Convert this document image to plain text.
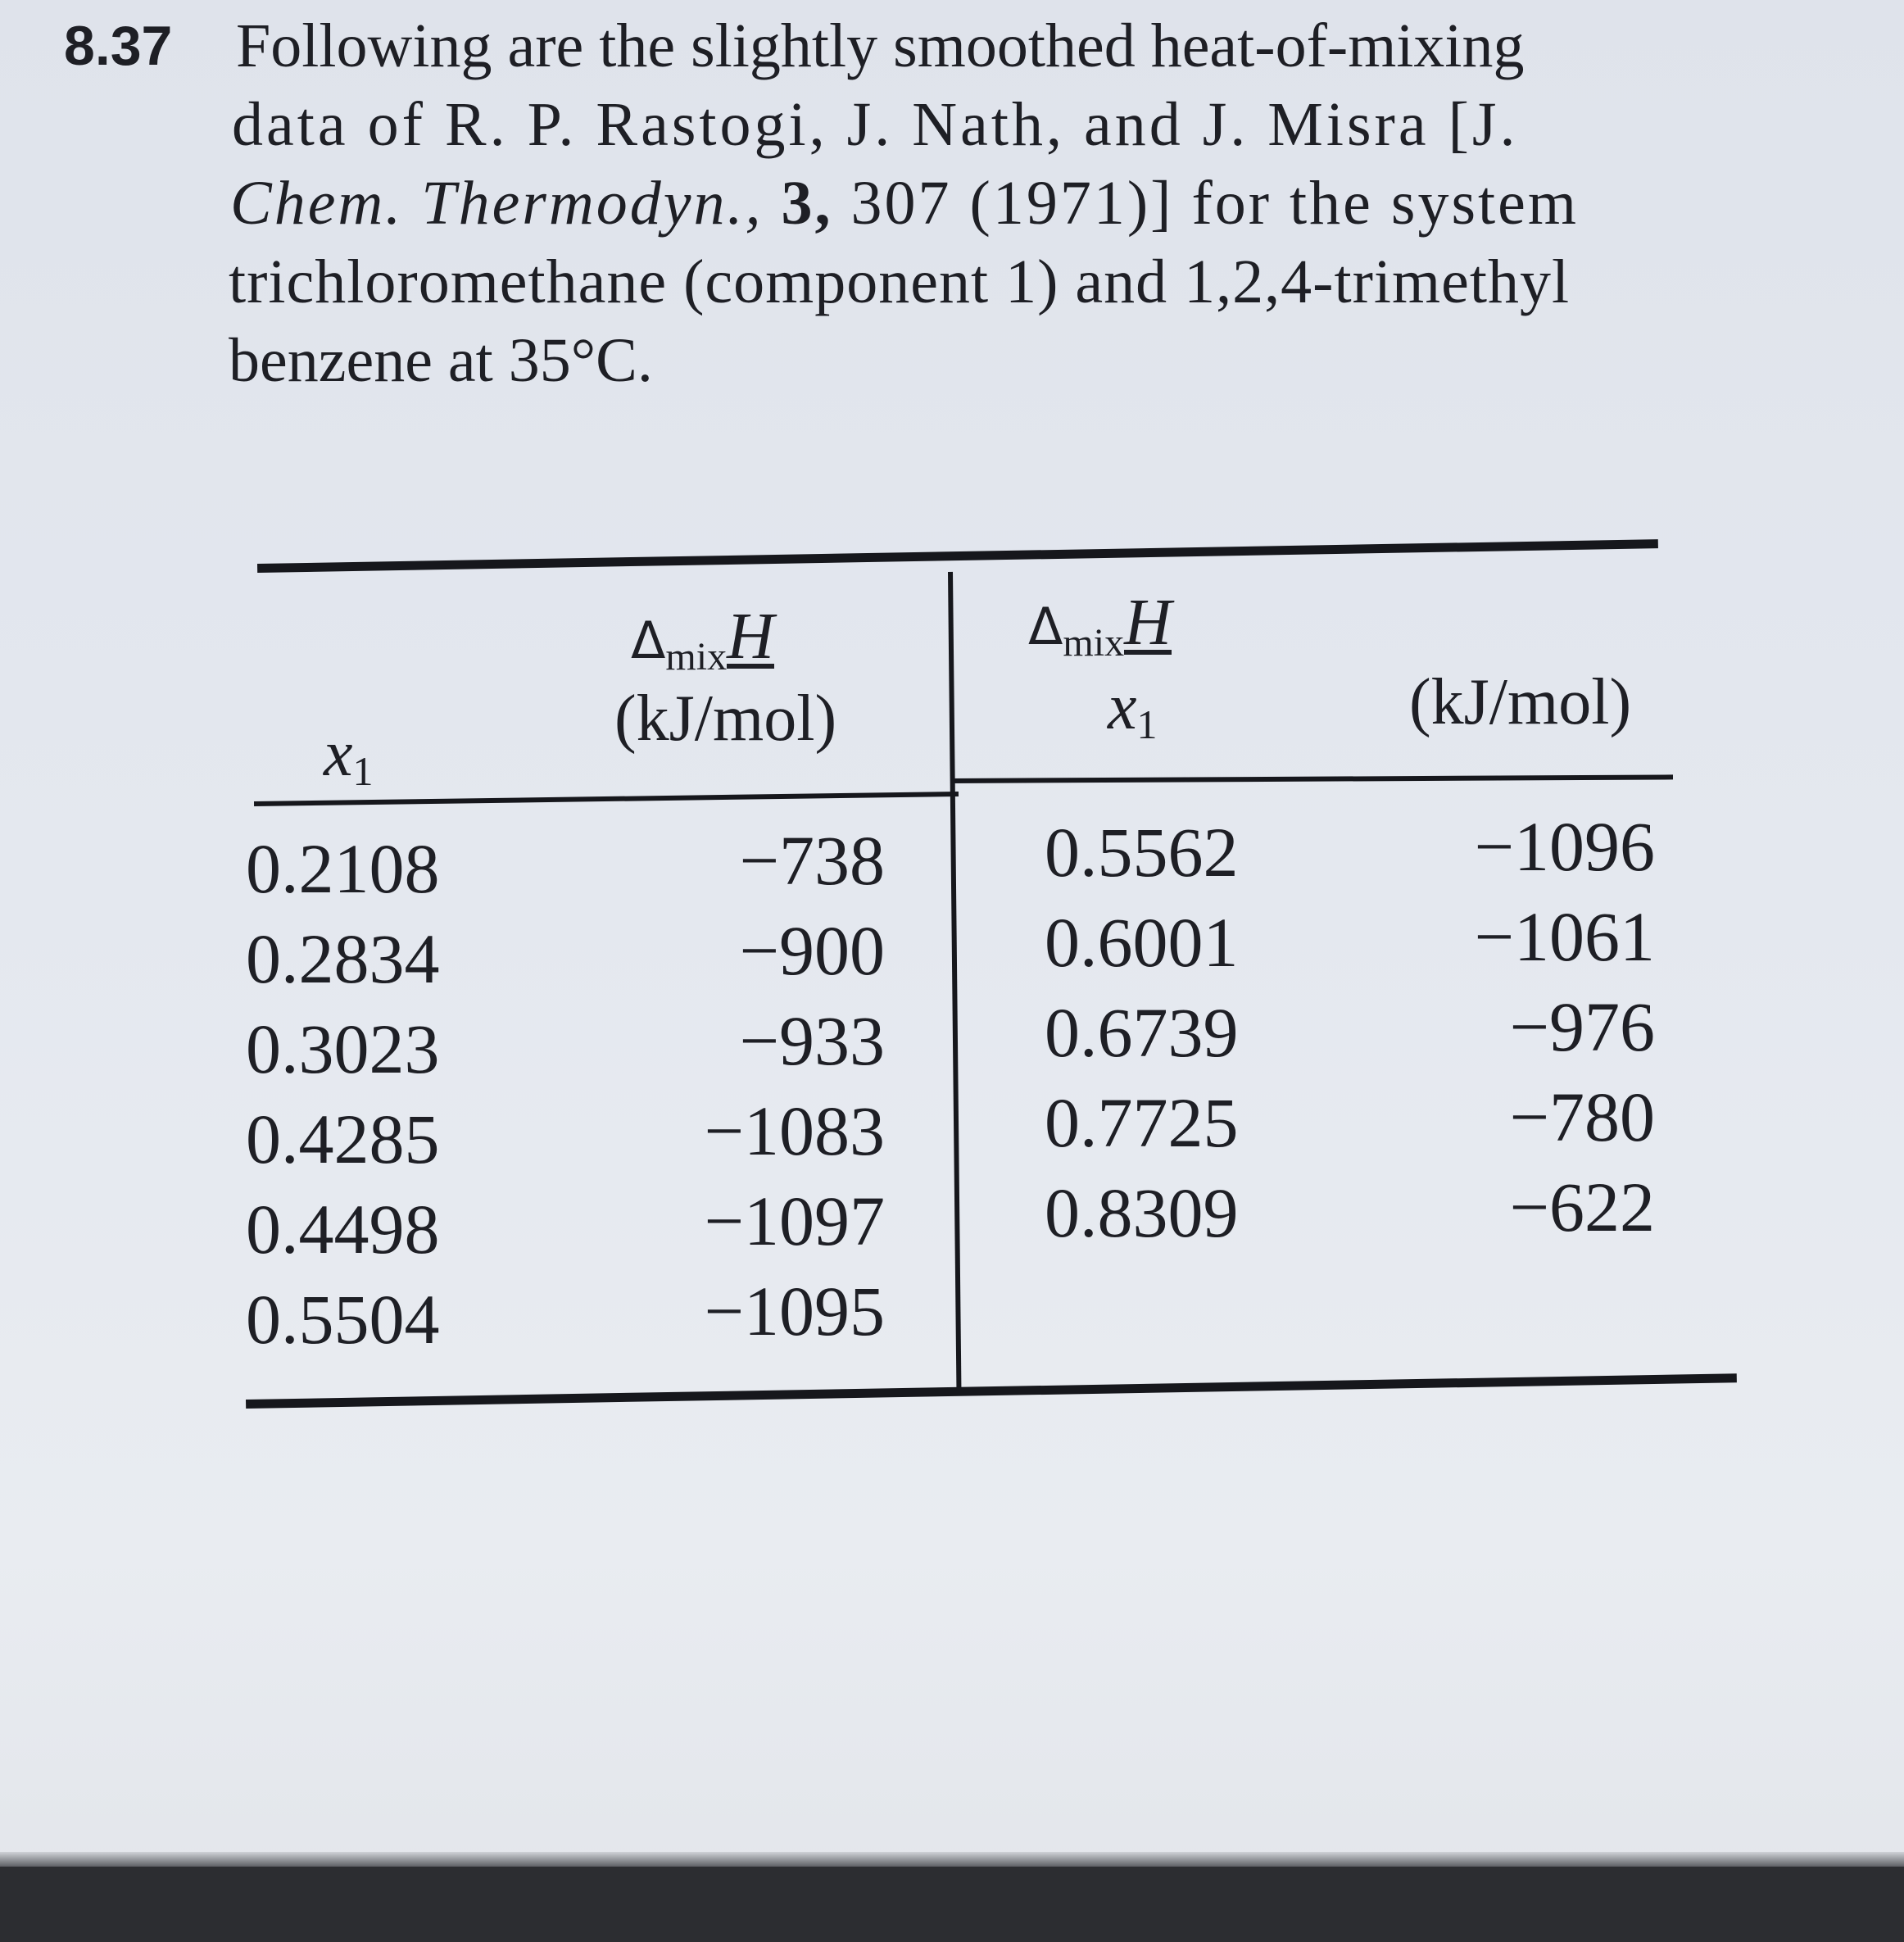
8.37 Following are the slightly smoothed heat-of-mixing
data of R. P. Rastogi, J. Nath, and J. Misra [J.
Chem. Thermodyn., 3, 307 (1971)] for the system
trichloromethane (component 1) and 1,2,4-trimethyl
benzene at 35°C.
$x_1$
$\Delta_{mix}H$
(kJ/mol)
$\Delta_{mix}H$
$x_1$	(kJ/mol)
0.2108
0.2834
0.3023
0.4285
0.4498
0.5504
−738
−900
−933
−1083
−1097
−1095
0.5562
0.6001
0.6739
0.7725
0.8309
−1096
−1061
−976
−780
−622
